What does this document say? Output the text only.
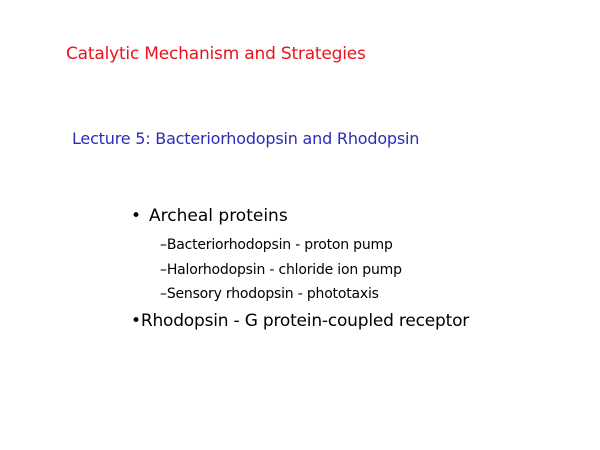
Catalytic Mechanism and Strategies
Lecture 5: Bacteriorhodopsin and Rhodopsin
• Archeal proteins
–Bacteriorhodopsin - proton pump
–Halorhodopsin - chloride ion pump
–Sensory rhodopsin - phototaxis
•Rhodopsin - G protein-coupled receptor
